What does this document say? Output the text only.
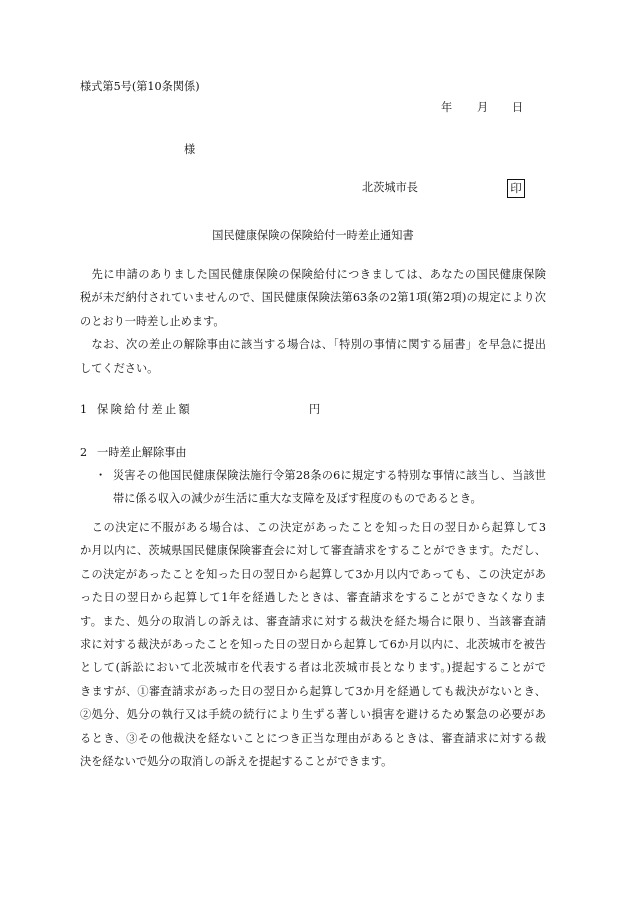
様式第5号(第10条関係)
年 月 日
様
北茨城市長	印
国民健康保険の保険給付一時差止通知書
　先に申請のありました国民健康保険の保険給付につきましては、あなたの国民健康保険
税が未だ納付されていませんので、国民健康保険法第63条の2第1項(第2項)の規定により次
のとおり一時差し止めます。
　なお、次の差止の解除事由に該当する場合は、「特別の事情に関する届書」を早急に提出
してください。
1 保険給付差止額	円
2 一時差止解除事由
・ 災害その他国民健康保険法施行令第28条の6に規定する特別な事情に該当し、当該世
帯に係る収入の減少が生活に重大な支障を及ぼす程度のものであるとき。
　この決定に不服がある場合は、この決定があったことを知った日の翌日から起算して3
か月以内に、茨城県国民健康保険審査会に対して審査請求をすることができます。ただし、
この決定があったことを知った日の翌日から起算して3か月以内であっても、この決定があ
った日の翌日から起算して1年を経過したときは、審査請求をすることができなくなりま
す。また、処分の取消しの訴えは、審査請求に対する裁決を経た場合に限り、当該審査請
求に対する裁決があったことを知った日の翌日から起算して6か月以内に、北茨城市を被告
として(訴訟において北茨城市を代表する者は北茨城市長となります。)提起することがで
きますが、①審査請求があった日の翌日から起算して3か月を経過しても裁決がないとき、
②処分、処分の執行又は手続の続行により生ずる著しい損害を避けるため緊急の必要があ
るとき、③その他裁決を経ないことにつき正当な理由があるときは、審査請求に対する裁
決を経ないで処分の取消しの訴えを提起することができます。
